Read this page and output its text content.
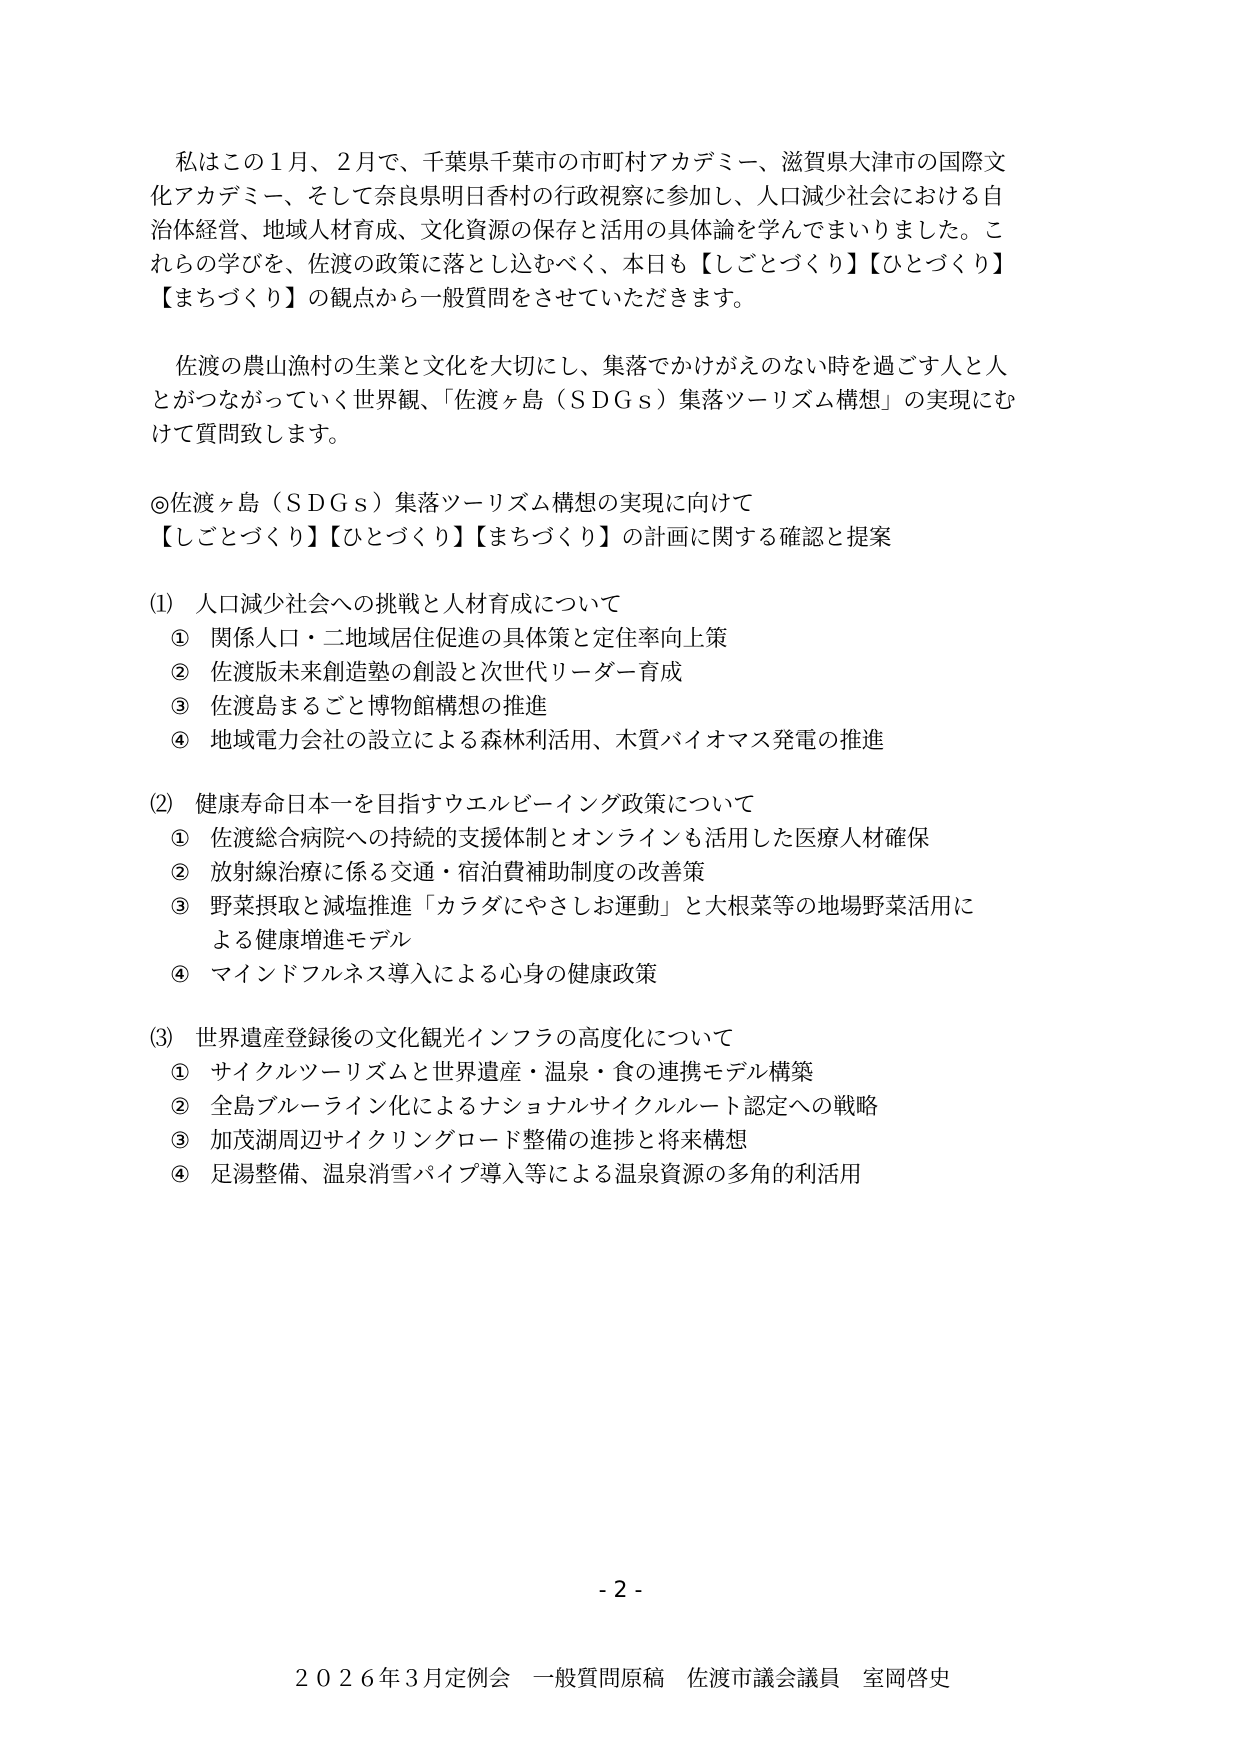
私はこの１月、２月で、千葉県千葉市の市町村アカデミー、滋賀県大津市の国際文
化アカデミー、そして奈良県明日香村の行政視察に参加し、人口減少社会における自
治体経営、地域人材育成、文化資源の保存と活用の具体論を学んでまいりました。こ
れらの学びを、佐渡の政策に落とし込むべく、本日も【しごとづくり】【ひとづくり】
【まちづくり】の観点から一般質問をさせていただきます。
佐渡の農山漁村の生業と文化を大切にし、集落でかけがえのない時を過ごす人と人
とがつながっていく世界観、「佐渡ヶ島（ＳＤＧｓ）集落ツーリズム構想」の実現にむ
けて質問致します。
◎佐渡ヶ島（ＳＤＧｓ）集落ツーリズム構想の実現に向けて
【しごとづくり】【ひとづくり】【まちづくり】の計画に関する確認と提案
⑴ 人口減少社会への挑戦と人材育成について
① 関係人口・二地域居住促進の具体策と定住率向上策
② 佐渡版未来創造塾の創設と次世代リーダー育成
③ 佐渡島まるごと博物館構想の推進
④ 地域電力会社の設立による森林利活用、木質バイオマス発電の推進
⑵ 健康寿命日本一を目指すウエルビーイング政策について
① 佐渡総合病院への持続的支援体制とオンラインも活用した医療人材確保
② 放射線治療に係る交通・宿泊費補助制度の改善策
③ 野菜摂取と減塩推進「カラダにやさしお運動」と大根菜等の地場野菜活用に
よる健康増進モデル
④ マインドフルネス導入による心身の健康政策
⑶ 世界遺産登録後の文化観光インフラの高度化について
① サイクルツーリズムと世界遺産・温泉・食の連携モデル構築
② 全島ブルーライン化によるナショナルサイクルルート認定への戦略
③ 加茂湖周辺サイクリングロード整備の進捗と将来構想
④ 足湯整備、温泉消雪パイプ導入等による温泉資源の多角的利活用
- 2 -
２０２６年３月定例会　一般質問原稿　佐渡市議会議員　室岡啓史
